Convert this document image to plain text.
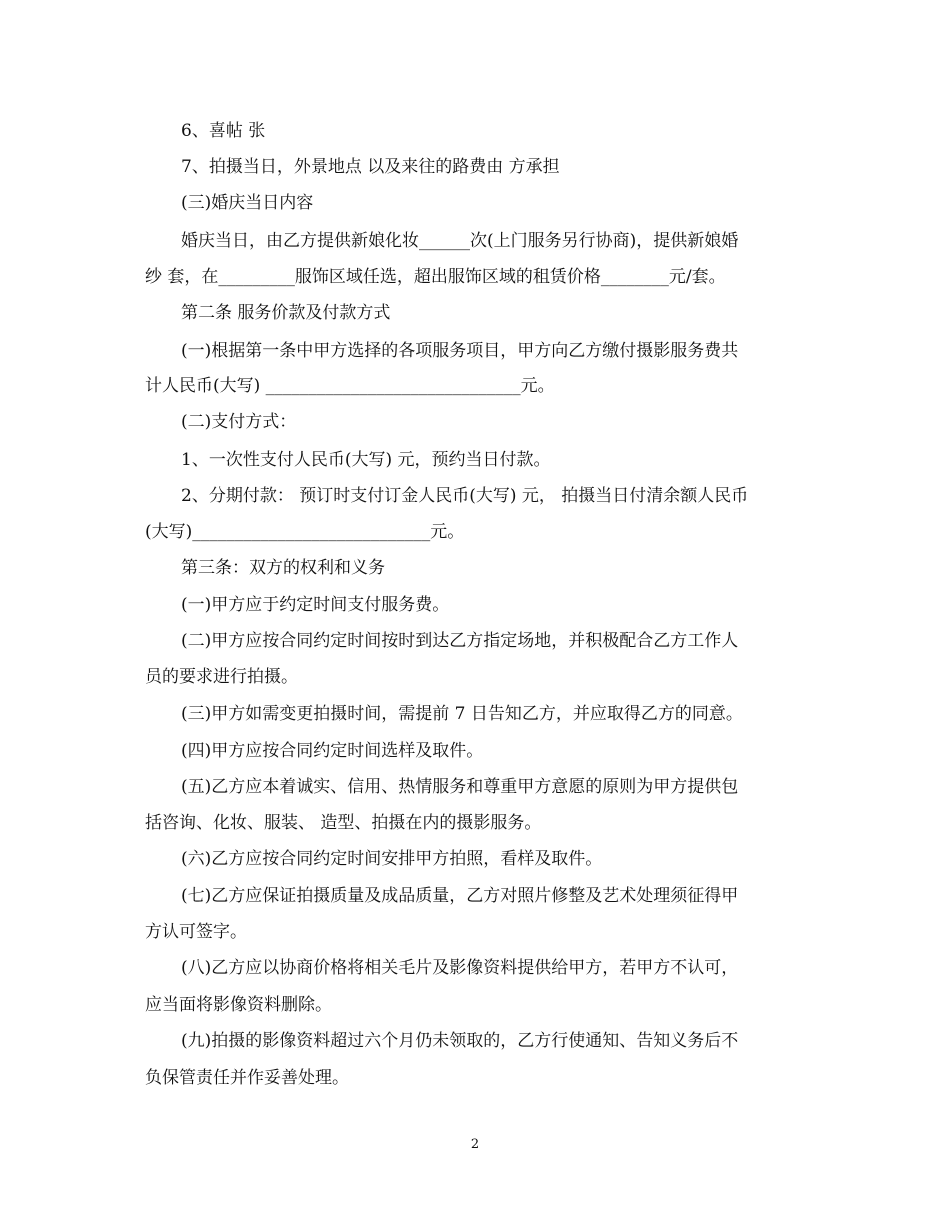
6、喜帖 张
7、拍摄当日，外景地点 以及来往的路费由 方承担
(三)婚庆当日内容
婚庆当日，由乙方提供新娘化妆______次(上门服务另行协商)，提供新娘婚
纱 套，在_________服饰区域任选，超出服饰区域的租赁价格________元/套。
第二条 服务价款及付款方式
(一)根据第一条中甲方选择的各项服务项目，甲方向乙方缴付摄影服务费共
计人民币(大写) ______________________________元。
(二)支付方式：
1、一次性支付人民币(大写) 元，预约当日付款。
2、分期付款： 预订时支付订金人民币(大写) 元， 拍摄当日付清余额人民币
(大写)____________________________元。
第三条：双方的权利和义务
(一)甲方应于约定时间支付服务费。
(二)甲方应按合同约定时间按时到达乙方指定场地，并积极配合乙方工作人
员的要求进行拍摄。
(三)甲方如需变更拍摄时间，需提前 7 日告知乙方，并应取得乙方的同意。
(四)甲方应按合同约定时间选样及取件。
(五)乙方应本着诚实、信用、热情服务和尊重甲方意愿的原则为甲方提供包
括咨询、化妆、服装、 造型、拍摄在内的摄影服务。
(六)乙方应按合同约定时间安排甲方拍照，看样及取件。
(七)乙方应保证拍摄质量及成品质量，乙方对照片修整及艺术处理须征得甲
方认可签字。
(八)乙方应以协商价格将相关毛片及影像资料提供给甲方，若甲方不认可，
应当面将影像资料删除。
(九)拍摄的影像资料超过六个月仍未领取的，乙方行使通知、告知义务后不
负保管责任并作妥善处理。
2
